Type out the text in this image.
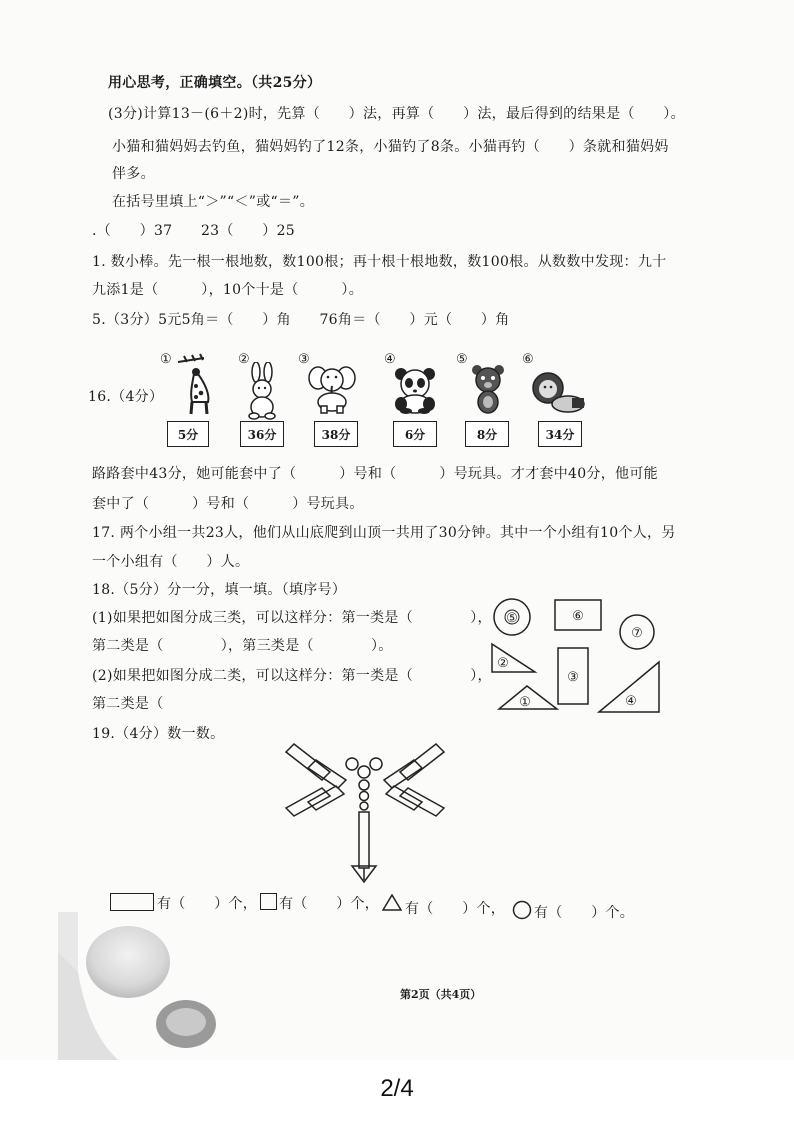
用心思考，正确填空。（共25分）
(3分)计算13－(6＋2)时，先算（　　）法，再算（　　）法，最后得到的结果是（　　）。
小猫和猫妈妈去钓鱼，猫妈妈钓了12条，小猫钓了8条。小猫再钓（　　）条就和猫妈妈
伴多。
在括号里填上“＞”“＜”或“＝”。
.（　　）37　　23（　　）25
1. 数小棒。先一根一根地数，数100根；再十根十根地数，数100根。从数数中发现：九十
九添1是（　　　），10个十是（　　　）。
5.（3分）5元5角＝（　　）角　　76角＝（　　）元（　　）角
16.（4分）
①
5分
②
36分
③
38分
④
6分
⑤
8分
⑥
34分
路路套中43分，她可能套中了（　　　）号和（　　　）号玩具。才才套中40分，他可能
套中了（　　　）号和（　　　）号玩具。
17. 两个小组一共23人，他们从山底爬到山顶一共用了30分钟。其中一个小组有10个人，另
一个小组有（　　）人。
18.（5分）分一分，填一填。（填序号）
(1)如果把如图分成三类，可以这样分：第一类是（　　　　），
第二类是（　　　　），第三类是（　　　　）。
(2)如果把如图分成二类，可以这样分：第一类是（　　　　），
第二类是（
⑤	⑥
⑦
②
③
①	④
19.（4分）数一数。
有（　　）个， 有（　　）个， 有（　　）个， 有（　　）个。
第2页（共4页）
2/4
